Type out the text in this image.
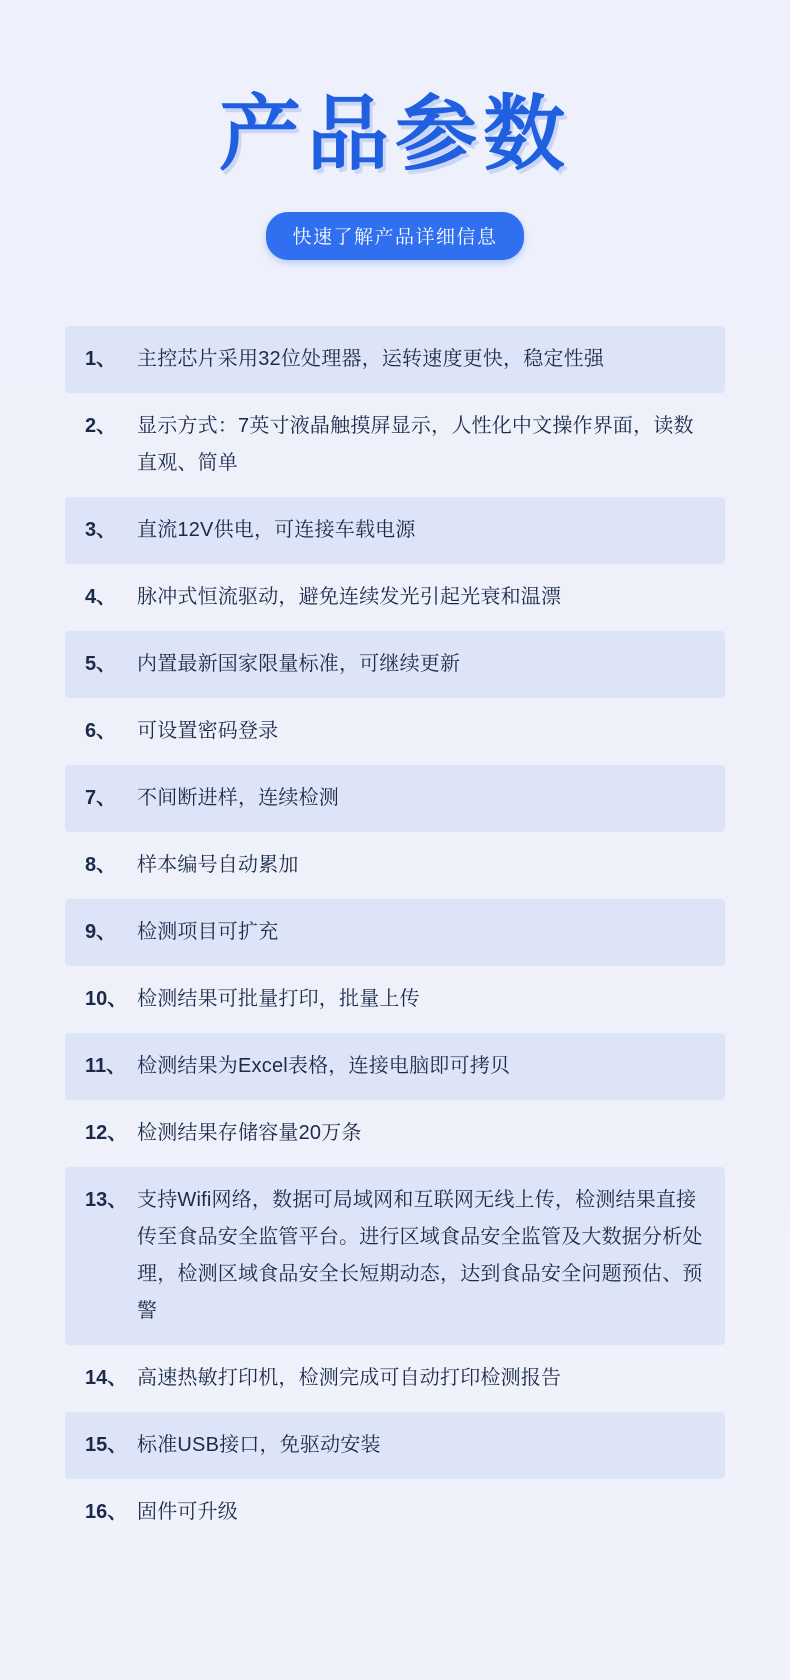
产品参数
快速了解产品详细信息
1、	主控芯片采用32位处理器，运转速度更快，稳定性强
2、	显示方式：7英寸液晶触摸屏显示，人性化中文操作界面，读数直观、简单
3、	直流12V供电，可连接车载电源
4、	脉冲式恒流驱动，避免连续发光引起光衰和温漂
5、	内置最新国家限量标准，可继续更新
6、	可设置密码登录
7、	不间断进样，连续检测
8、	样本编号自动累加
9、	检测项目可扩充
10、 检测结果可批量打印，批量上传
11、 检测结果为Excel表格，连接电脑即可拷贝
12、 检测结果存储容量20万条
13、 支持Wifi网络，数据可局域网和互联网无线上传，检测结果直接传至食品安全监管平台。进行区域食品安全监管及大数据分析处理，检测区域食品安全长短期动态，达到食品安全问题预估、预警
14、 高速热敏打印机，检测完成可自动打印检测报告
15、 标准USB接口，免驱动安装
16、 固件可升级
